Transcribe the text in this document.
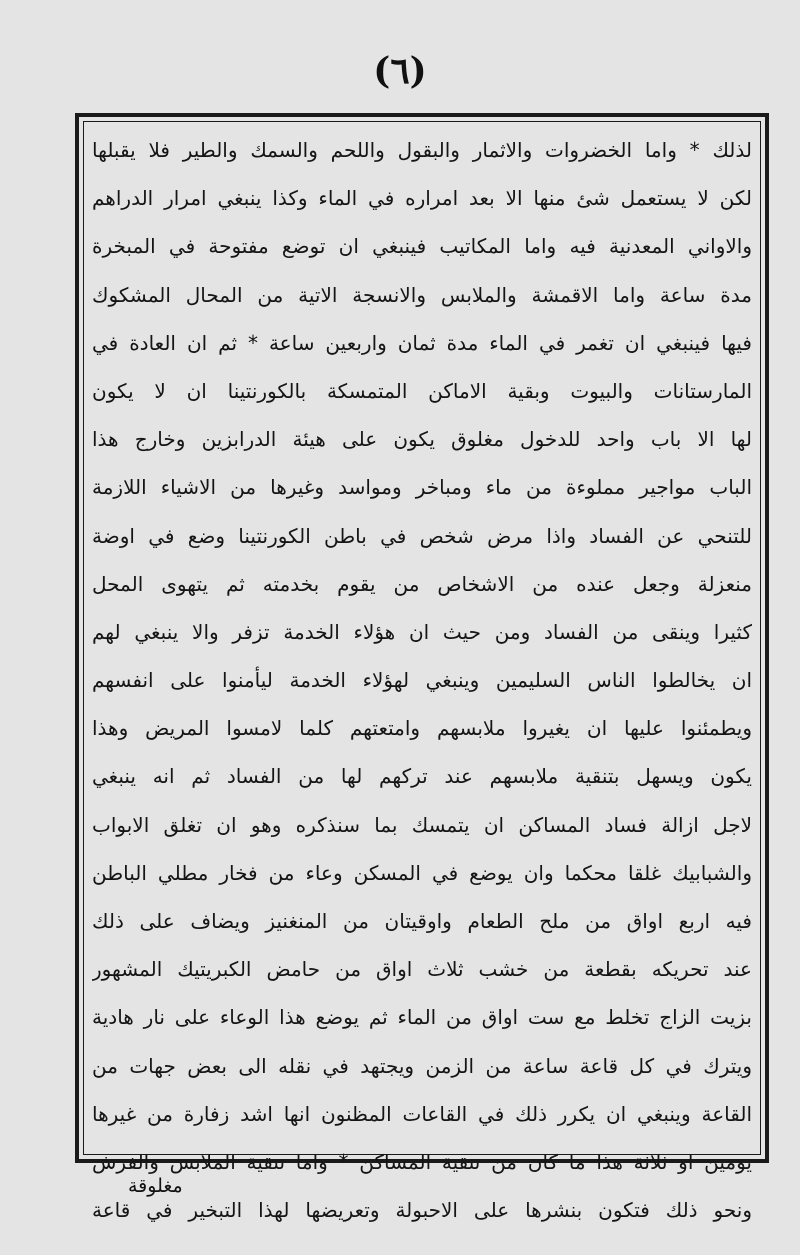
(٦)
لذلك * واما الخضروات والاثمار والبقول واللحم والسمك والطير فلا يقبلها
لكن لا يستعمل شئ منها الا بعد امراره في الماء وكذا ينبغي امرار الدراهم
والاواني المعدنية فيه واما المكاتيب فينبغي ان توضع مفتوحة في المبخرة
مدة ساعة واما الاقمشة والملابس والانسجة الاتية من المحال المشكوك
فيها فينبغي ان تغمر في الماء مدة ثمان واربعين ساعة * ثم ان العادة في
المارستانات والبيوت وبقية الاماكن المتمسكة بالكورنتينا ان لا يكون
لها الا باب واحد للدخول مغلوق يكون على هيئة الدرابزين وخارج هذا
الباب مواجير مملوءة من ماء ومباخر ومواسد وغيرها من الاشياء اللازمة
للتنحي عن الفساد واذا مرض شخص في باطن الكورنتينا وضع في اوضة
منعزلة وجعل عنده من الاشخاص من يقوم بخدمته ثم يتهوى المحل
كثيرا وينقى من الفساد ومن حيث ان هؤلاء الخدمة تزفر والا ينبغي لهم
ان يخالطوا الناس السليمين وينبغي لهؤلاء الخدمة ليأمنوا على انفسهم
ويطمئنوا عليها ان يغيروا ملابسهم وامتعتهم كلما لامسوا المريض وهذا
يكون ويسهل بتنقية ملابسهم عند تركهم لها من الفساد ثم انه ينبغي
لاجل ازالة فساد المساكن ان يتمسك بما سنذكره وهو ان تغلق الابواب
والشبابيك غلقا محكما وان يوضع في المسكن وعاء من فخار مطلي الباطن
فيه اربع اواق من ملح الطعام واوقيتان من المنغنيز ويضاف على ذلك
عند تحريكه بقطعة من خشب ثلاث اواق من حامض الكبريتيك المشهور
بزيت الزاج تخلط مع ست اواق من الماء ثم يوضع هذا الوعاء على نار هادية
ويترك في كل قاعة ساعة من الزمن ويجتهد في نقله الى بعض جهات من
القاعة وينبغي ان يكرر ذلك في القاعات المظنون انها اشد زفارة من غيرها
يومين او ثلاثة هذا ما كان من تنقية المساكن * واما تنقية الملابس والفرش
ونحو ذلك فتكون بنشرها على الاحبولة وتعريضها لهذا التبخير في قاعة
مغلوقة
